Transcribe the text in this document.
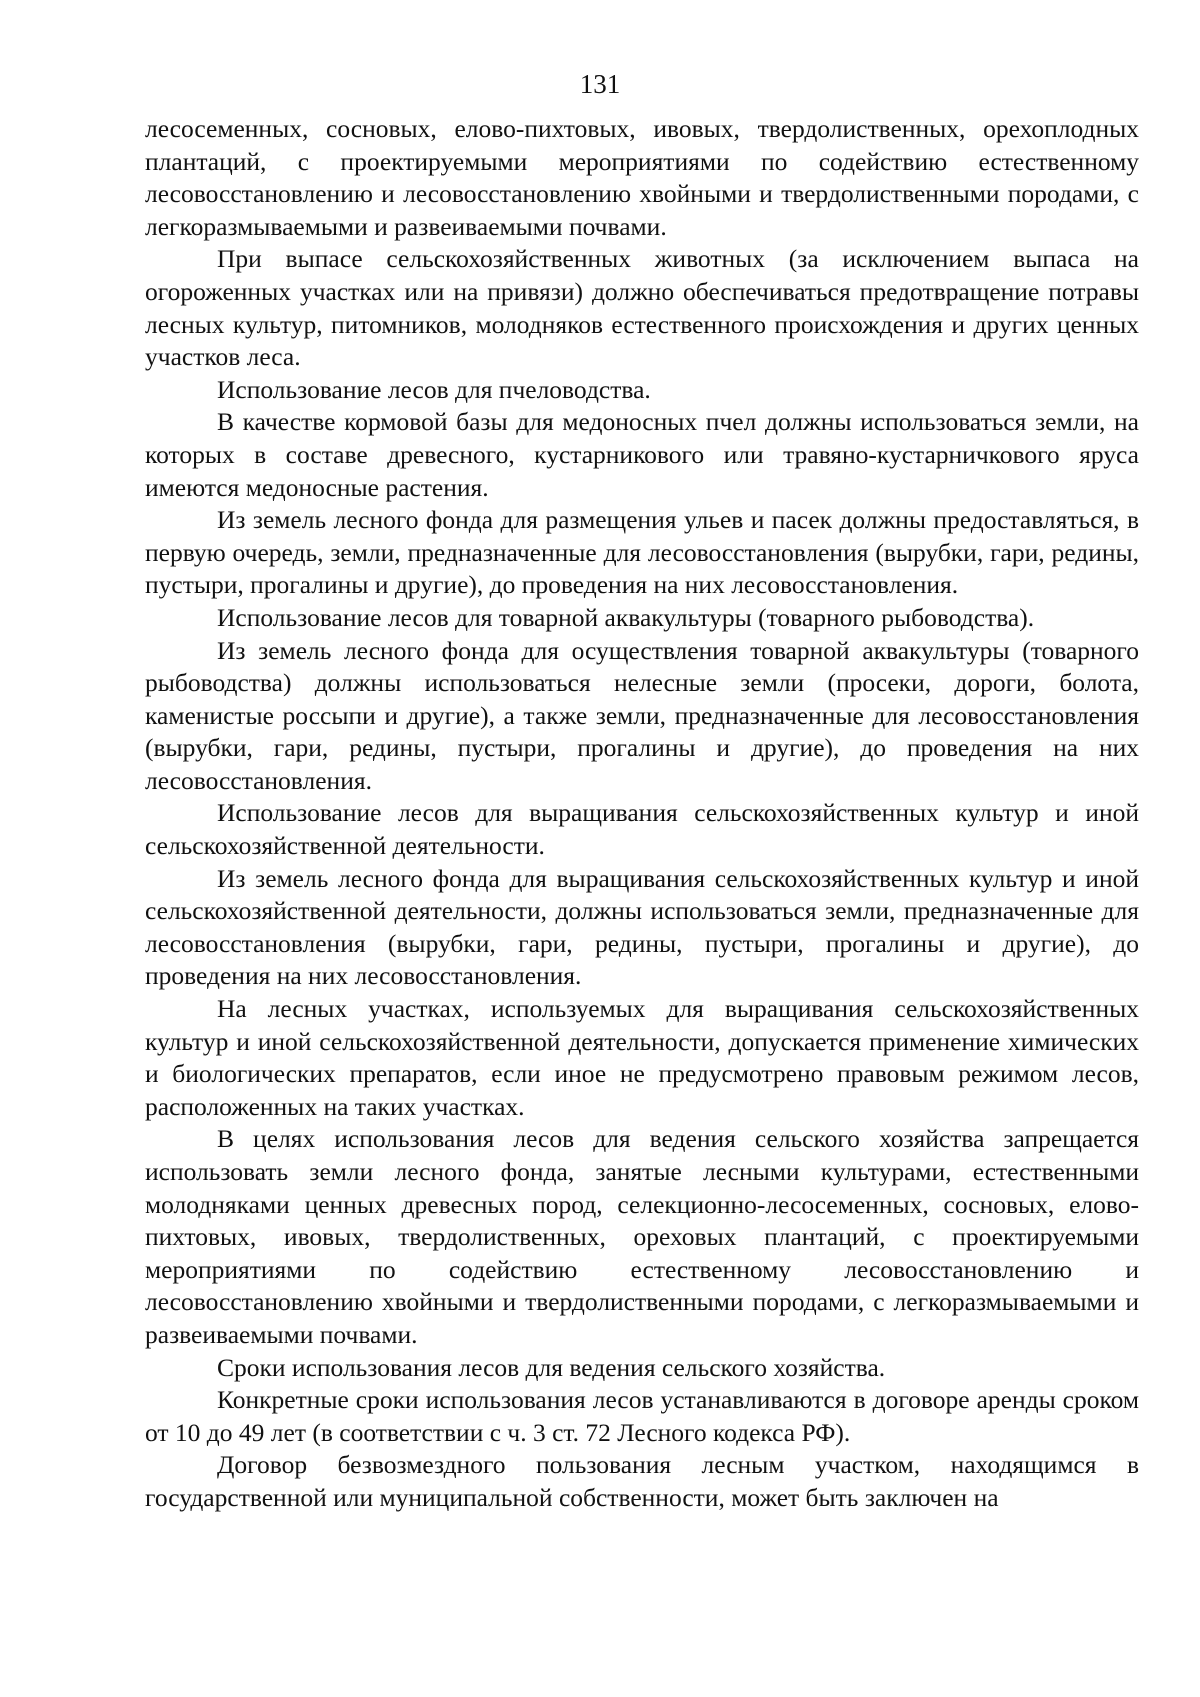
131

лесосеменных, сосновых, елово-пихтовых, ивовых, твердолиственных, орехоплодных плантаций, с проектируемыми мероприятиями по содействию естественному лесовосстановлению и лесовосстановлению хвойными и твердолиственными породами, с легкоразмываемыми и развеиваемыми почвами.

При выпасе сельскохозяйственных животных (за исключением выпаса на огороженных участках или на привязи) должно обеспечиваться предотвращение потравы лесных культур, питомников, молодняков естественного происхождения и других ценных участков леса.

Использование лесов для пчеловодства.

В качестве кормовой базы для медоносных пчел должны использоваться земли, на которых в составе древесного, кустарникового или травяно-кустарничкового яруса имеются медоносные растения.

Из земель лесного фонда для размещения ульев и пасек должны предоставляться, в первую очередь, земли, предназначенные для лесовосстановления (вырубки, гари, редины, пустыри, прогалины и другие), до проведения на них лесовосстановления.

Использование лесов для товарной аквакультуры (товарного рыбоводства).

Из земель лесного фонда для осуществления товарной аквакультуры (товарного рыбоводства) должны использоваться нелесные земли (просеки, дороги, болота, каменистые россыпи и другие), а также земли, предназначенные для лесовосстановления (вырубки, гари, редины, пустыри, прогалины и другие), до проведения на них лесовосстановления.

Использование лесов для выращивания сельскохозяйственных культур и иной сельскохозяйственной деятельности.

Из земель лесного фонда для выращивания сельскохозяйственных культур и иной сельскохозяйственной деятельности, должны использоваться земли, предназначенные для лесовосстановления (вырубки, гари, редины, пустыри, прогалины и другие), до проведения на них лесовосстановления.

На лесных участках, используемых для выращивания сельскохозяйственных культур и иной сельскохозяйственной деятельности, допускается применение химических и биологических препаратов, если иное не предусмотрено правовым режимом лесов, расположенных на таких участках.

В целях использования лесов для ведения сельского хозяйства запрещается использовать земли лесного фонда, занятые лесными культурами, естественными молодняками ценных древесных пород, селекционно-лесосеменных, сосновых, елово-пихтовых, ивовых, твердолиственных, ореховых плантаций, с проектируемыми мероприятиями по содействию естественному лесовосстановлению и лесовосстановлению хвойными и твердолиственными породами, с легкоразмываемыми и развеиваемыми почвами.

Сроки использования лесов для ведения сельского хозяйства.

Конкретные сроки использования лесов устанавливаются в договоре аренды сроком от 10 до 49 лет (в соответствии с ч. 3 ст. 72 Лесного кодекса РФ).

Договор безвозмездного пользования лесным участком, находящимся в государственной или муниципальной собственности, может быть заключен на
